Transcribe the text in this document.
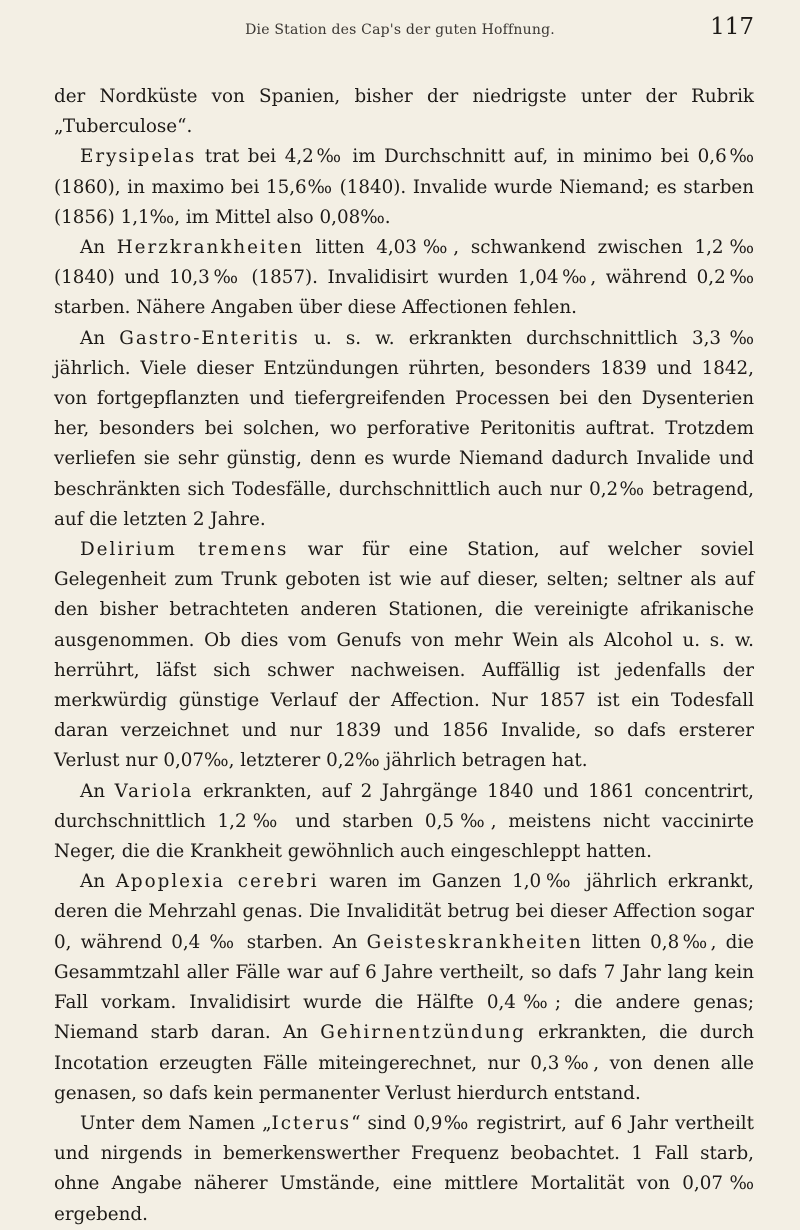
Die Station des Cap's der guten Hoffnung.	117

der Nordküste von Spanien, bisher der niedrigste unter der Rubrik „Tuberculose“.

Erysipelas trat bei 4,2‰ im Durchschnitt auf, in minimo bei 0,6‰ (1860), in maximo bei 15,6‰ (1840). Invalide wurde Niemand; es starben (1856) 1,1‰, im Mittel also 0,08‰.

An Herzkrankheiten litten 4,03‰, schwankend zwischen 1,2‰ (1840) und 10,3‰ (1857). Invalidisirt wurden 1,04‰, während 0,2‰ starben. Nähere Angaben über diese Affectionen fehlen.

An Gastro-Enteritis u. s. w. erkrankten durchschnittlich 3,3‰ jährlich. Viele dieser Entzündungen rührten, besonders 1839 und 1842, von fortgepflanzten und tiefergreifenden Processen bei den Dysenterien her, besonders bei solchen, wo perforative Peritonitis auftrat. Trotzdem verliefen sie sehr günstig, denn es wurde Niemand dadurch Invalide und beschränkten sich Todesfälle, durchschnittlich auch nur 0,2‰ betragend, auf die letzten 2 Jahre.

Delirium tremens war für eine Station, auf welcher soviel Gelegenheit zum Trunk geboten ist wie auf dieser, selten; seltner als auf den bisher betrachteten anderen Stationen, die vereinigte afrikanische ausgenommen. Ob dies vom Genufs von mehr Wein als Alcohol u. s. w. herrührt, läfst sich schwer nachweisen. Auffällig ist jedenfalls der merkwürdig günstige Verlauf der Affection. Nur 1857 ist ein Todesfall daran verzeichnet und nur 1839 und 1856 Invalide, so dafs ersterer Verlust nur 0,07‰, letzterer 0,2‰ jährlich betragen hat.

An Variola erkrankten, auf 2 Jahrgänge 1840 und 1861 concentrirt, durchschnittlich 1,2‰ und starben 0,5‰, meistens nicht vaccinirte Neger, die die Krankheit gewöhnlich auch eingeschleppt hatten.

An Apoplexia cerebri waren im Ganzen 1,0‰ jährlich erkrankt, deren die Mehrzahl genas. Die Invalidität betrug bei dieser Affection sogar 0, während 0,4 ‰ starben. An Geisteskrankheiten litten 0,8‰, die Gesammtzahl aller Fälle war auf 6 Jahre vertheilt, so dafs 7 Jahr lang kein Fall vorkam. Invalidisirt wurde die Hälfte 0,4‰; die andere genas; Niemand starb daran. An Gehirnentzündung erkrankten, die durch Incotation erzeugten Fälle miteingerechnet, nur 0,3‰, von denen alle genasen, so dafs kein permanenter Verlust hierdurch entstand.

Unter dem Namen „Icterus“ sind 0,9‰ registrirt, auf 6 Jahr vertheilt und nirgends in bemerkenswerther Frequenz beobachtet. 1 Fall starb, ohne Angabe näherer Umstände, eine mittlere Mortalität von 0,07‰ ergebend.
